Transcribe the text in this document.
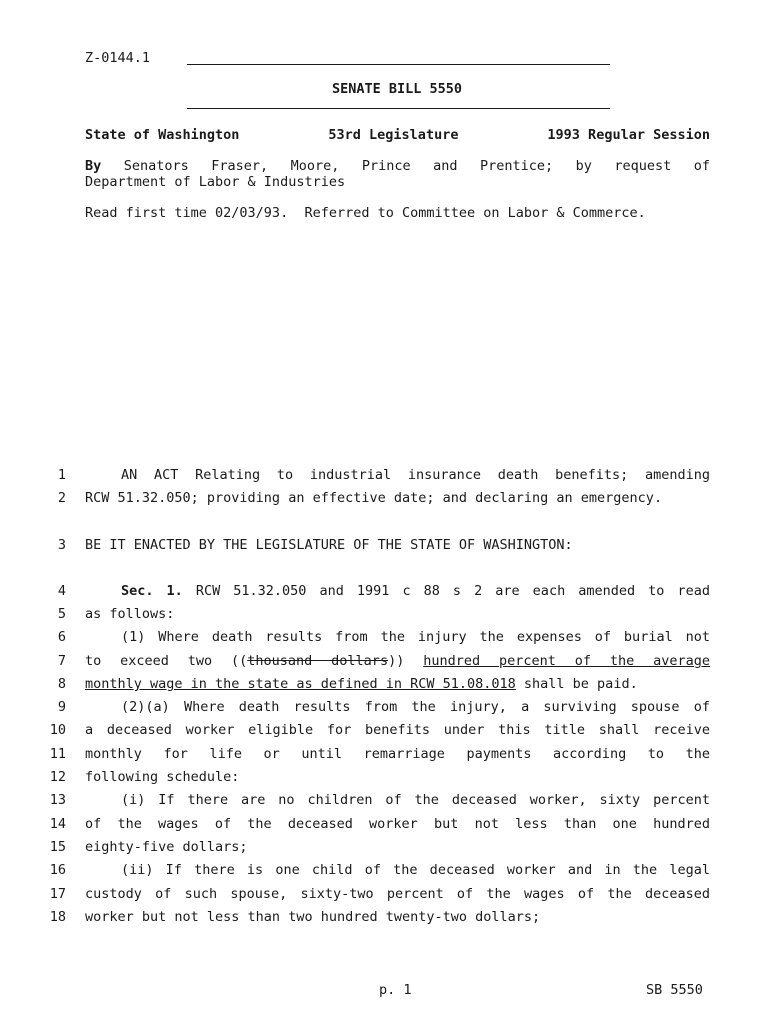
Z-0144.1
SENATE BILL 5550
State of Washington	53rd Legislature	1993 Regular Session
By Senators Fraser, Moore, Prince and Prentice; by request of
Department of Labor & Industries
Read first time 02/03/93.  Referred to Committee on Labor & Commerce.
1	AN ACT Relating to industrial insurance death benefits; amending
2 RCW 51.32.050; providing an effective date; and declaring an emergency.
3 BE IT ENACTED BY THE LEGISLATURE OF THE STATE OF WASHINGTON:
4	Sec. 1. RCW 51.32.050 and 1991 c 88 s 2 are each amended to read
5 as follows:
6	(1) Where death results from the injury the expenses of burial not
7 to exceed two ((thousand dollars)) hundred percent of the average
8 monthly wage in the state as defined in RCW 51.08.018 shall be paid.
9	(2)(a) Where death results from the injury, a surviving spouse of
10 a deceased worker eligible for benefits under this title shall receive
11 monthly for life or until remarriage payments according to the
12 following schedule:
13	(i) If there are no children of the deceased worker, sixty percent
14 of the wages of the deceased worker but not less than one hundred
15 eighty-five dollars;
16	(ii) If there is one child of the deceased worker and in the legal
17 custody of such spouse, sixty-two percent of the wages of the deceased
18 worker but not less than two hundred twenty-two dollars;
p. 1	SB 5550
